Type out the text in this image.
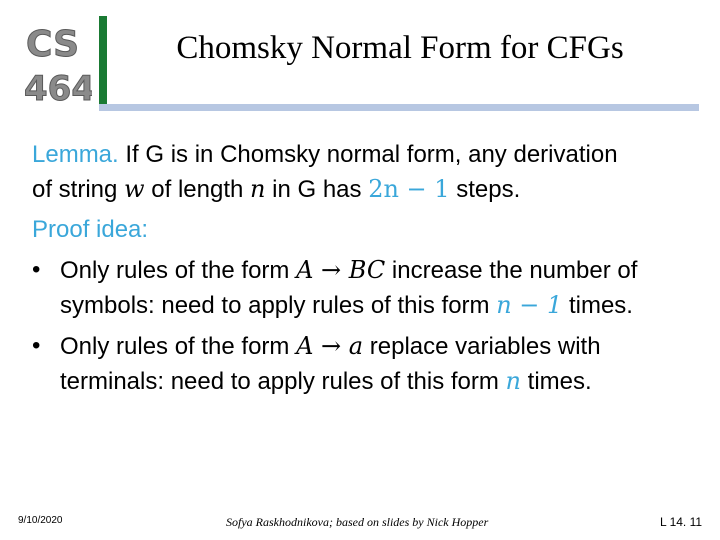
CS
464
Chomsky Normal Form for CFGs

Lemma. If G is in Chomsky normal form, any derivation

of string w of length n in G has 2n − 1 steps.

Proof idea:

• Only rules of the form A → BC increase the number of
symbols: need to apply rules of this form n − 1 times.
• Only rules of the form A → a replace variables with
terminals: need to apply rules of this form n times.
9/10/2020	Sofya Raskhodnikova; based on slides by Nick Hopper	L 14. 11
